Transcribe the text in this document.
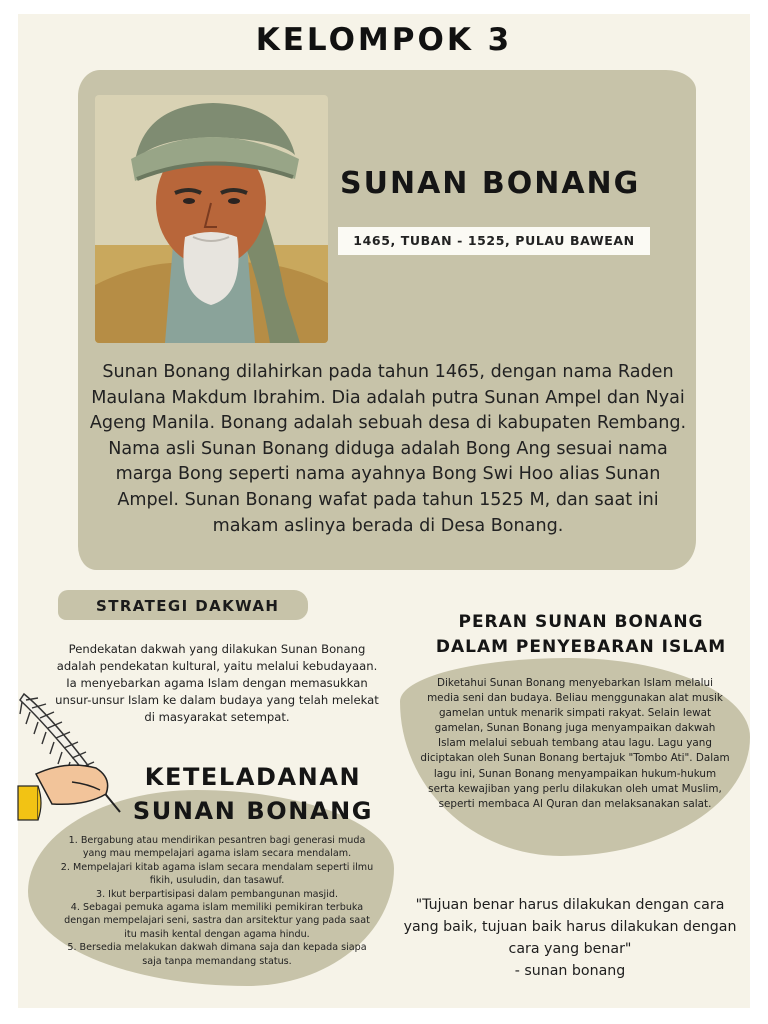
KELOMPOK 3
SUNAN BONANG
1465, TUBAN - 1525, PULAU BAWEAN

Sunan Bonang dilahirkan pada tahun 1465, dengan nama Raden Maulana Makdum Ibrahim. Dia adalah putra Sunan Ampel dan Nyai Ageng Manila. Bonang adalah sebuah desa di kabupaten Rembang. Nama asli Sunan Bonang diduga adalah Bong Ang sesuai nama marga Bong seperti nama ayahnya Bong Swi Hoo alias Sunan Ampel. Sunan Bonang wafat pada tahun 1525 M, dan saat ini makam aslinya berada di Desa Bonang.

STRATEGI DAKWAH

Pendekatan dakwah yang dilakukan Sunan Bonang adalah pendekatan kultural, yaitu melalui kebudayaan. Ia menyebarkan agama Islam dengan memasukkan unsur-unsur Islam ke dalam budaya yang telah melekat di masyarakat setempat.

PERAN SUNAN BONANG DALAM PENYEBARAN ISLAM

Diketahui Sunan Bonang menyebarkan Islam melalui media seni dan budaya. Beliau menggunakan alat musik gamelan untuk menarik simpati rakyat. Selain lewat gamelan, Sunan Bonang juga menyampaikan dakwah Islam melalui sebuah tembang atau lagu. Lagu yang diciptakan oleh Sunan Bonang bertajuk "Tombo Ati". Dalam lagu ini, Sunan Bonang menyampaikan hukum-hukum serta kewajiban yang perlu dilakukan oleh umat Muslim, seperti membaca Al Quran dan melaksanakan salat.

KETELADANAN SUNAN BONANG
1. Bergabung atau mendirikan pesantren bagi generasi muda yang mau mempelajari agama islam secara mendalam.
2. Mempelajari kitab agama islam secara mendalam seperti ilmu fikih, usuludin, dan tasawuf.
3. Ikut berpartisipasi dalam pembangunan masjid.
4. Sebagai pemuka agama islam memiliki pemikiran terbuka dengan mempelajari seni, sastra dan arsitektur yang pada saat itu masih kental dengan agama hindu.
5. Bersedia melakukan dakwah dimana saja dan kepada siapa saja tanpa memandang status.

"Tujuan benar harus dilakukan dengan cara yang baik, tujuan baik harus dilakukan dengan cara yang benar"

- sunan bonang
